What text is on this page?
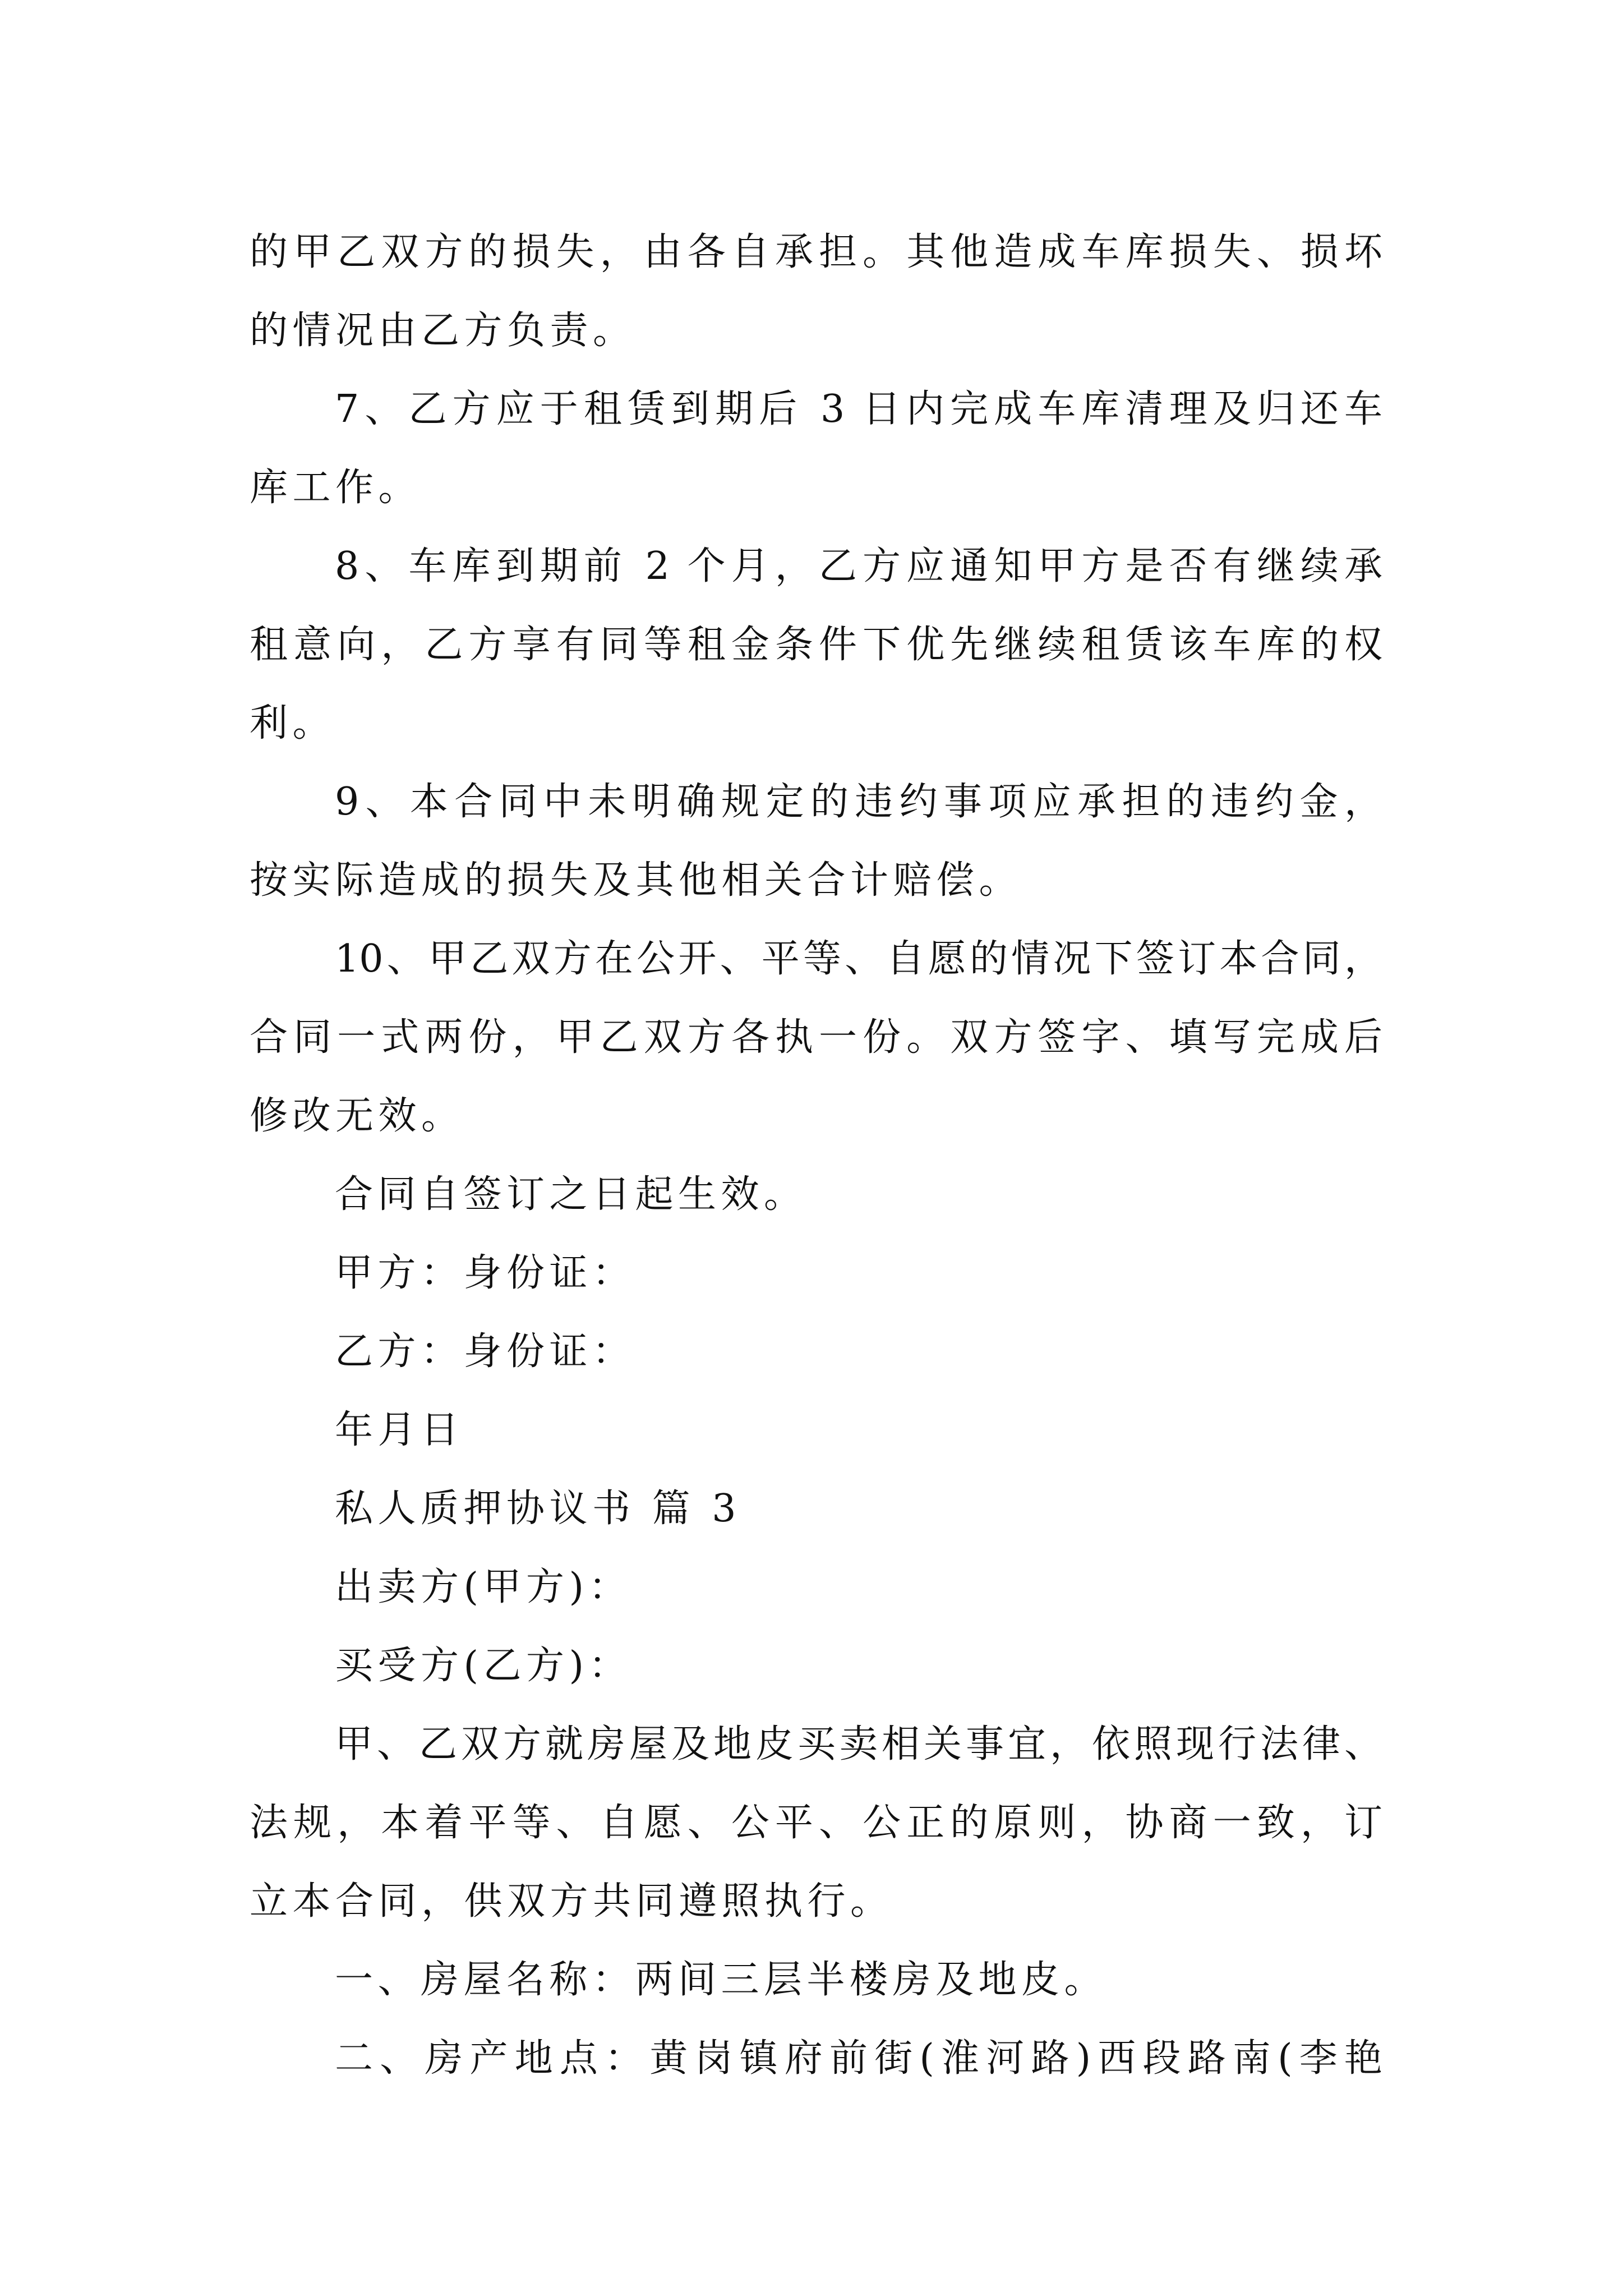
的甲乙双方的损失，由各自承担。其他造成车库损失、损坏
的情况由乙方负责。
7、乙方应于租赁到期后 3 日内完成车库清理及归还车
库工作。
8、车库到期前 2 个月，乙方应通知甲方是否有继续承
租意向，乙方享有同等租金条件下优先继续租赁该车库的权
利。
9、本合同中未明确规定的违约事项应承担的违约金，
按实际造成的损失及其他相关合计赔偿。
10、甲乙双方在公开、平等、自愿的情况下签订本合同，
合同一式两份，甲乙双方各执一份。双方签字、填写完成后
修改无效。
合同自签订之日起生效。
甲方：身份证：
乙方：身份证：
年月日
私人质押协议书 篇 3
出卖方(甲方)：
买受方(乙方)：
甲、乙双方就房屋及地皮买卖相关事宜，依照现行法律、
法规，本着平等、自愿、公平、公正的原则，协商一致，订
立本合同，供双方共同遵照执行。
一、房屋名称：两间三层半楼房及地皮。
二、房产地点：黄岗镇府前街(淮河路)西段路南(李艳
